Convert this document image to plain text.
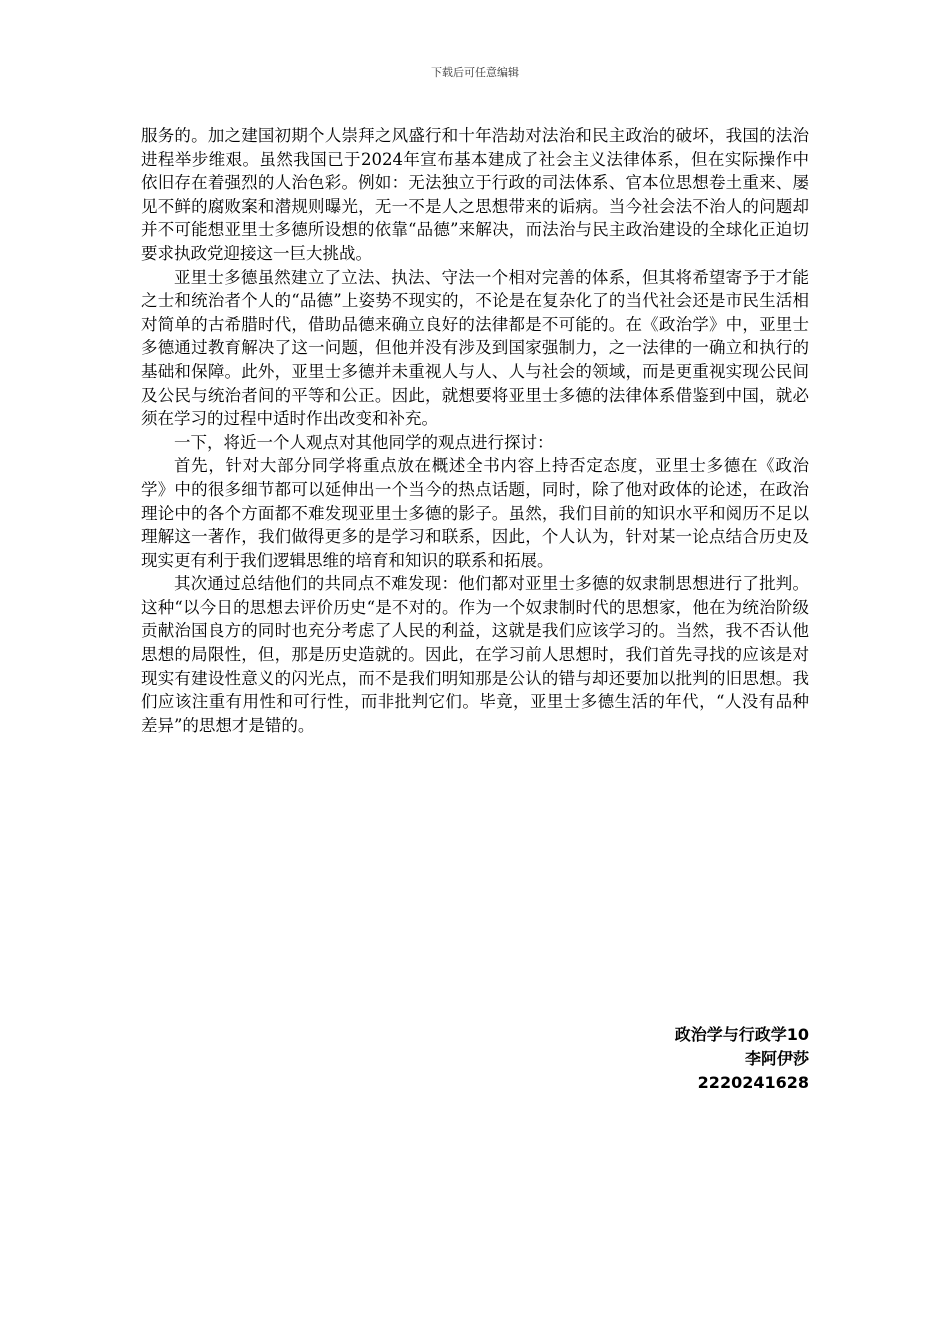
下载后可任意编辑

服务的。加之建国初期个人崇拜之风盛行和十年浩劫对法治和民主政治的破坏，我国的法治进程举步维艰。虽然我国已于2024年宣布基本建成了社会主义法律体系，但在实际操作中依旧存在着强烈的人治色彩。例如：无法独立于行政的司法体系、官本位思想卷土重来、屡见不鲜的腐败案和潜规则曝光，无一不是人之思想带来的诟病。当今社会法不治人的问题却并不可能想亚里士多德所设想的依靠“品德”来解决，而法治与民主政治建设的全球化正迫切要求执政党迎接这一巨大挑战。

亚里士多德虽然建立了立法、执法、守法一个相对完善的体系，但其将希望寄予于才能之士和统治者个人的“品德”上姿势不现实的，不论是在复杂化了的当代社会还是市民生活相对简单的古希腊时代，借助品德来确立良好的法律都是不可能的。在《政治学》中，亚里士多德通过教育解决了这一问题，但他并没有涉及到国家强制力，之一法律的一确立和执行的基础和保障。此外，亚里士多德并未重视人与人、人与社会的领域，而是更重视实现公民间及公民与统治者间的平等和公正。因此，就想要将亚里士多德的法律体系借鉴到中国，就必须在学习的过程中适时作出改变和补充。

一下，将近一个人观点对其他同学的观点进行探讨：

首先，针对大部分同学将重点放在概述全书内容上持否定态度，亚里士多德在《政治学》中的很多细节都可以延伸出一个当今的热点话题，同时，除了他对政体的论述，在政治理论中的各个方面都不难发现亚里士多德的影子。虽然，我们目前的知识水平和阅历不足以理解这一著作，我们做得更多的是学习和联系，因此，个人认为，针对某一论点结合历史及现实更有利于我们逻辑思维的培育和知识的联系和拓展。

其次通过总结他们的共同点不难发现：他们都对亚里士多德的奴隶制思想进行了批判。这种“以今日的思想去评价历史“是不对的。作为一个奴隶制时代的思想家，他在为统治阶级贡献治国良方的同时也充分考虑了人民的利益，这就是我们应该学习的。当然，我不否认他思想的局限性，但，那是历史造就的。因此，在学习前人思想时，我们首先寻找的应该是对现实有建设性意义的闪光点，而不是我们明知那是公认的错与却还要加以批判的旧思想。我们应该注重有用性和可行性，而非批判它们。毕竟，亚里士多德生活的年代，“人没有品种差异”的思想才是错的。

政治学与行政学10
李阿伊莎
2220241628
